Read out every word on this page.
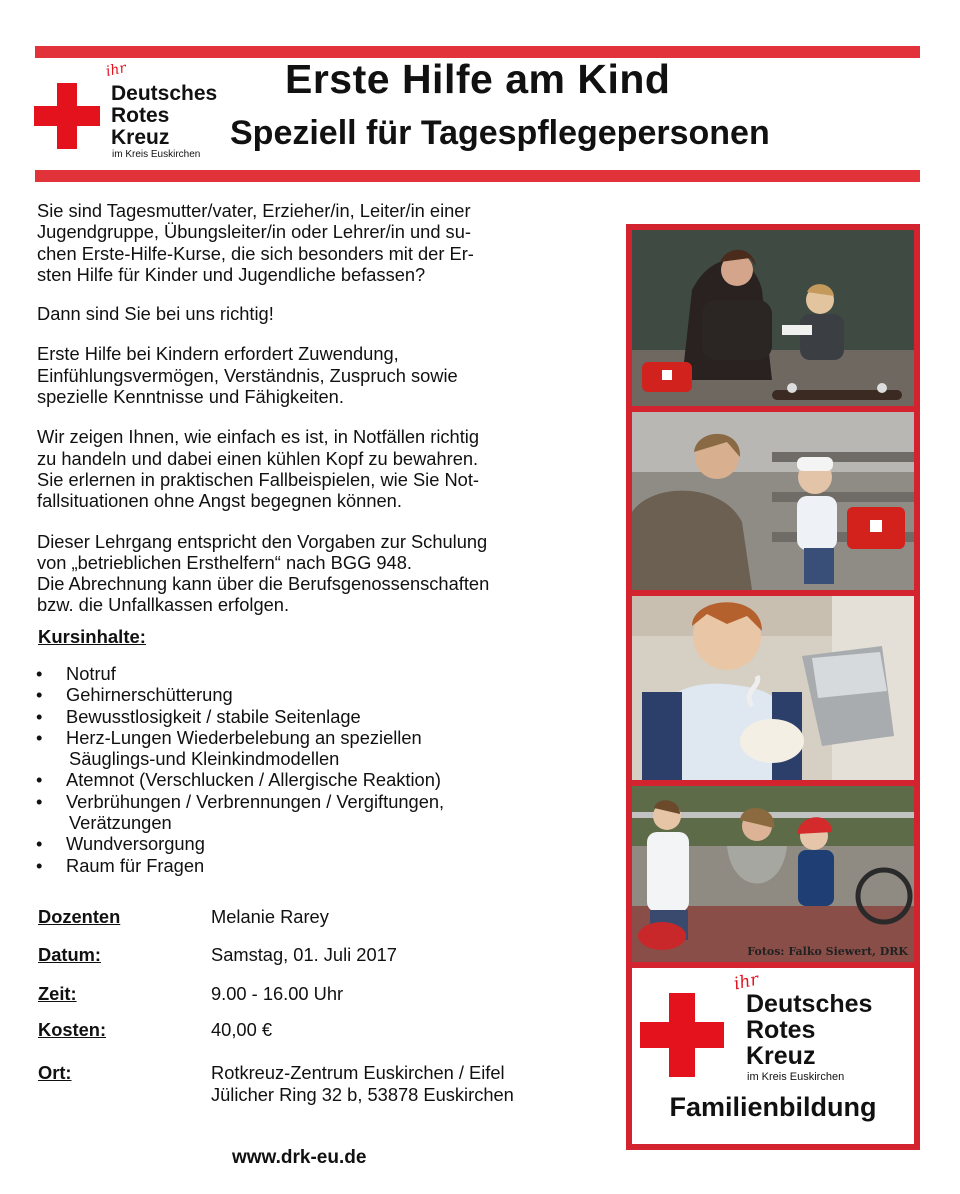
ihr
Deutsches
Rotes
Kreuz
im Kreis Euskirchen
Erste Hilfe am Kind
Speziell für Tagespflegepersonen

Sie sind Tagesmutter/vater, Erzieher/in, Leiter/in einer
Jugendgruppe, Übungsleiter/in oder Lehrer/in und su-
chen Erste-Hilfe-Kurse, die sich besonders mit der Er-
sten Hilfe für Kinder und Jugendliche befassen?

Dann sind Sie bei uns richtig!

Erste Hilfe bei Kindern erfordert Zuwendung,
Einfühlungsvermögen, Verständnis, Zuspruch sowie
spezielle Kenntnisse und Fähigkeiten.

Wir zeigen Ihnen, wie einfach es ist, in Notfällen richtig
zu handeln und dabei einen kühlen Kopf zu bewahren.
Sie erlernen in praktischen Fallbeispielen, wie Sie Not-
fallsituationen ohne Angst begegnen können.

Dieser Lehrgang entspricht den Vorgaben zur Schulung
von „betrieblichen Ersthelfern“ nach BGG 948.
Die Abrechnung kann über die Berufsgenossenschaften
bzw. die Unfallkassen erfolgen.

Kursinhalte:
• Notruf
• Gehirnerschütterung
• Bewusstlosigkeit / stabile Seitenlage
• Herz-Lungen Wiederbelebung an speziellen
Säuglings-und Kleinkindmodellen
• Atemnot (Verschlucken / Allergische Reaktion)
• Verbrühungen / Verbrennungen / Vergiftungen,
Verätzungen
• Wundversorgung
• Raum für Fragen
Dozenten	Melanie Rarey
Datum:	Samstag, 01. Juli 2017
Zeit:	9.00 - 16.00 Uhr
Kosten:	40,00 €
Ort:	Rotkreuz-Zentrum Euskirchen / Eifel
Jülicher Ring 32 b, 53878 Euskirchen
www.drk-eu.de
Fotos: Falko Siewert, DRK
ihr
Deutsches
Rotes
Kreuz
im Kreis Euskirchen
Familienbildung
